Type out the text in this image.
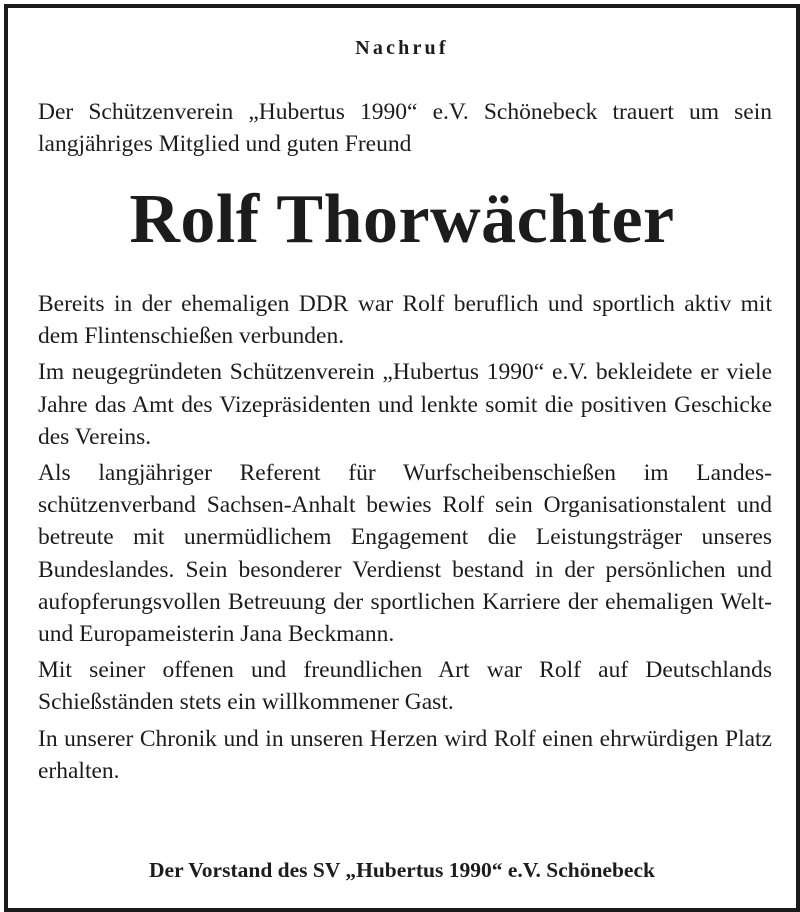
Nachruf
Der Schützenverein „Hubertus 1990“ e.V. Schönebeck trauert um sein langjähriges Mitglied und guten Freund
Rolf Thorwächter

Bereits in der ehemaligen DDR war Rolf beruflich und sportlich aktiv mit dem Flintenschießen verbunden.

Im neugegründeten Schützenverein „Hubertus 1990“ e.V. bekleidete er viele Jahre das Amt des Vizepräsidenten und lenkte somit die positiven Geschicke des Vereins.

Als langjähriger Referent für Wurfscheibenschießen im Landesschützenverband Sachsen-Anhalt bewies Rolf sein Organisationstalent und betreute mit unermüdlichem Engagement die Leistungsträger unseres Bundeslandes. Sein besonderer Verdienst bestand in der persönlichen und aufopferungsvollen Betreuung der sportlichen Karriere der ehemaligen Welt- und Europameisterin Jana Beckmann.

Mit seiner offenen und freundlichen Art war Rolf auf Deutschlands Schießständen stets ein willkommener Gast.

In unserer Chronik und in unseren Herzen wird Rolf einen ehrwürdigen Platz erhalten.

Der Vorstand des SV „Hubertus 1990“ e.V. Schönebeck
